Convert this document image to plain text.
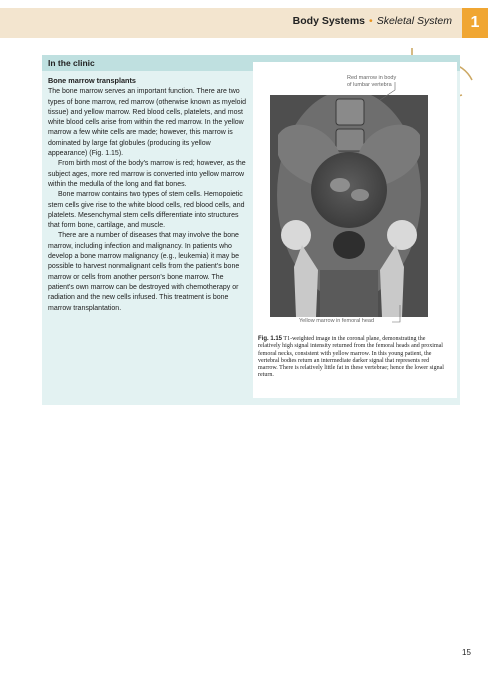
Body Systems • Skeletal System	1
In the clinic
Bone marrow transplants

The bone marrow serves an important function. There are two types of bone marrow, red marrow (otherwise known as myeloid tissue) and yellow marrow. Red blood cells, platelets, and most white blood cells arise from within the red marrow. In the yellow marrow a few white cells are made; however, this marrow is dominated by large fat globules (producing its yellow appearance) (Fig. 1.15).

From birth most of the body's marrow is red; however, as the subject ages, more red marrow is converted into yellow marrow within the medulla of the long and flat bones.

Bone marrow contains two types of stem cells. Hemopoietic stem cells give rise to the white blood cells, red blood cells, and platelets. Mesenchymal stem cells differentiate into structures that form bone, cartilage, and muscle.

There are a number of diseases that may involve the bone marrow, including infection and malignancy. In patients who develop a bone marrow malignancy (e.g., leukemia) it may be possible to harvest nonmalignant cells from the patient's bone marrow or cells from another person's bone marrow. The patient's own marrow can be destroyed with chemotherapy or radiation and the new cells infused. This treatment is bone marrow transplantation.

Red marrow in body
of lumbar vertebra
Yellow marrow in femoral head
Fig. 1.15 T1-weighted image in the coronal plane, demonstrating the relatively high signal intensity returned from the femoral heads and proximal femoral necks, consistent with yellow marrow. In this young patient, the vertebral bodies return an intermediate darker signal that represents red marrow. There is relatively little fat in these vertebrae; hence the lower signal return.
15
